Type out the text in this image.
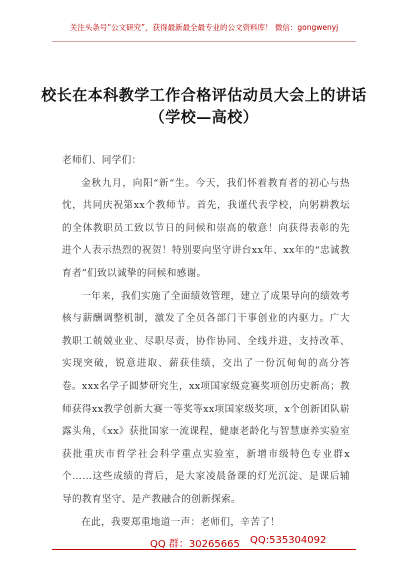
关注头条号“公文研究”，获得最新最全最专业的公文资料库！ 微信：gongwenyj
校长在本科教学工作合格评估动员大会上的讲话
（学校—高校）

老师们、同学们：

金秋九月，向阳“新“生。今天，我们怀着教育者的初心与热忱，共同庆祝第xx个教师节。首先，我谨代表学校，向躬耕教坛的全体教职员工致以节日的问候和崇高的敬意！向获得表彰的先进个人表示热烈的祝贺！特别要向坚守讲台xx年、xx年的“忠诚教育者”们致以诚挚的问候和感谢。

一年来，我们实施了全面绩效管理，建立了成果导向的绩效考核与薪酬调整机制，激发了全员各部门干事创业的内驱力。广大教职工兢兢业业、尽职尽责，协作协同、全线并进，支持改革、实现突破，锐意进取、薪获佳绩，交出了一份沉甸甸的高分答卷。xxx名学子圆梦研究生，xx项国家级竞赛奖项创历史新高；教师获得xx教学创新大赛一等奖等xx项国家级奖项，x个创新团队崭露头角，《xx》获批国家一流课程，健康老龄化与智慧康养实验室获批重庆市哲学社会科学重点实验室，新增市级特色专业群x个……这些成绩的背后，是大家凌晨备课的灯光沉淀、是课后辅导的教育坚守、是产教融合的创新探索。

在此，我要郑重地道一声：老师们，辛苦了！

QQ 群：30265665 QQ:535304092
